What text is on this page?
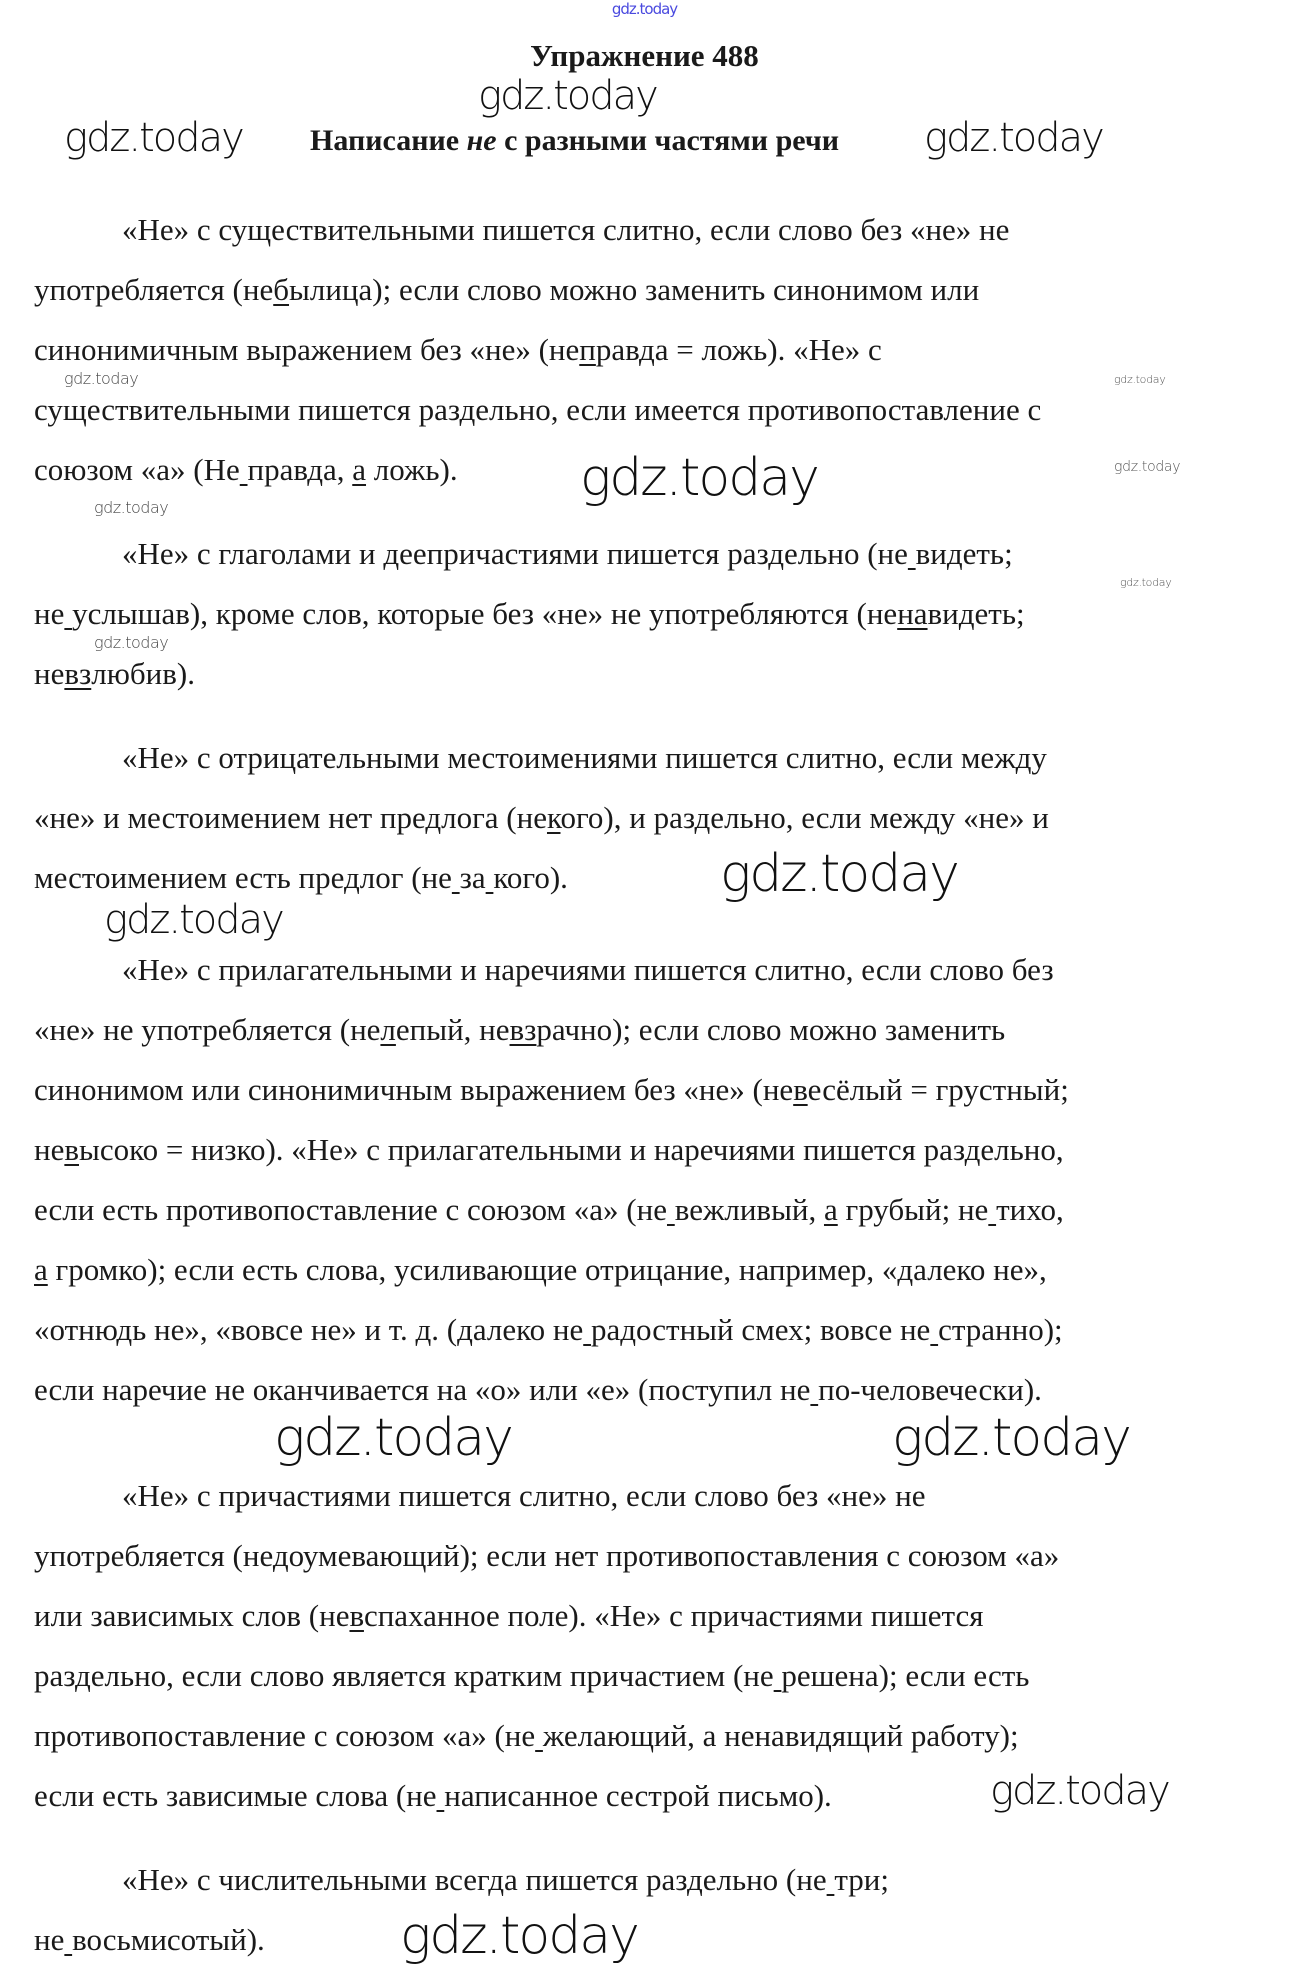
gdz.today
Упражнение 488
Написание не с разными частями речи
«Не» с существительными пишется слитно, если слово без «не» не
употребляется (небылица); если слово можно заменить синонимом или
синонимичным выражением без «не» (неправда = ложь). «Не» с
существительными пишется раздельно, если имеется противопоставление с
союзом «а» (Не правда, а ложь).
«Не» с глаголами и деепричастиями пишется раздельно (не видеть;
не услышав), кроме слов, которые без «не» не употребляются (ненавидеть;
невзлюбив).
«Не» с отрицательными местоимениями пишется слитно, если между
«не» и местоимением нет предлога (некого), и раздельно, если между «не» и
местоимением есть предлог (не за кого).
«Не» с прилагательными и наречиями пишется слитно, если слово без
«не» не употребляется (нелепый, невзрачно); если слово можно заменить
синонимом или синонимичным выражением без «не» (невесёлый = грустный;
невысоко = низко). «Не» с прилагательными и наречиями пишется раздельно,
если есть противопоставление с союзом «а» (не вежливый, а грубый; не тихо,
а громко); если есть слова, усиливающие отрицание, например, «далеко не»,
«отнюдь не», «вовсе не» и т. д. (далеко не радостный смех; вовсе не странно);
если наречие не оканчивается на «о» или «е» (поступил не по-человечески).
«Не» с причастиями пишется слитно, если слово без «не» не
употребляется (недоумевающий); если нет противопоставления с союзом «а»
или зависимых слов (невспаханное поле). «Не» с причастиями пишется
раздельно, если слово является кратким причастием (не решена); если есть
противопоставление с союзом «а» (не желающий, а ненавидящий работу);
если есть зависимые слова (не написанное сестрой письмо).
«Не» с числительными всегда пишется раздельно (не три;
не восьмисотый).
gdz.today
gdz.today
gdz.today
gdz.today	gdz.today
gdz.today
gdz.today
gdz.today
gdz.today
gdz.today
gdz.today
gdz.today
gdz.today	gdz.today
gdz.today
gdz.today
